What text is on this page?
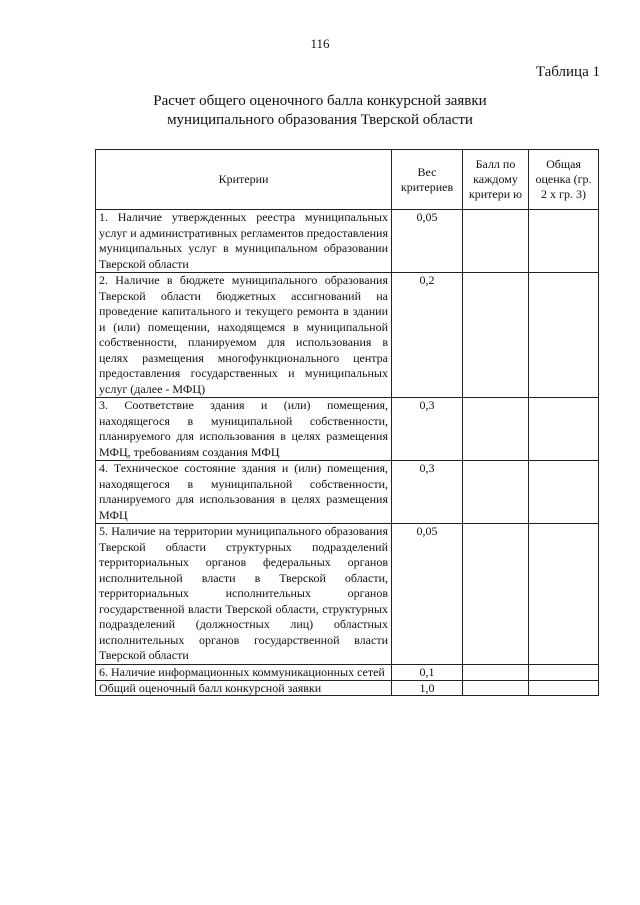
116
Таблица 1
Расчет общего оценочного балла конкурсной заявки
муниципального образования Тверской области
Критерии	Вес критериев	Балл по каждому критери ю	Общая оценка (гр. 2 х гр. 3)
1. Наличие утвержденных реестра муниципальных услуг и административных регламентов предоставления муниципальных услуг в муниципальном образовании Тверской области	0,05		
2. Наличие в бюджете муниципального образования Тверской области бюджетных ассигнований на проведение капитального и текущего ремонта в здании и (или) помещении, находящемся в муниципальной собственности, планируемом для использования в целях размещения многофункционального центра предоставления государственных и муниципальных услуг (далее - МФЦ)	0,2		
3. Соответствие здания и (или) помещения, находящегося в муниципальной собственности, планируемого для использования в целях размещения МФЦ, требованиям создания МФЦ	0,3		
4. Техническое состояние здания и (или) помещения, находящегося в муниципальной собственности, планируемого для использования в целях размещения МФЦ	0,3		
5. Наличие на территории муниципального образования Тверской области структурных подразделений территориальных органов федеральных органов исполнительной власти в Тверской области, территориальных исполнительных органов государственной власти Тверской области, структурных подразделений (должностных лиц) областных исполнительных органов государственной власти Тверской области	0,05		
6. Наличие информационных коммуникационных сетей	0,1		
Общий оценочный балл конкурсной заявки	1,0		
